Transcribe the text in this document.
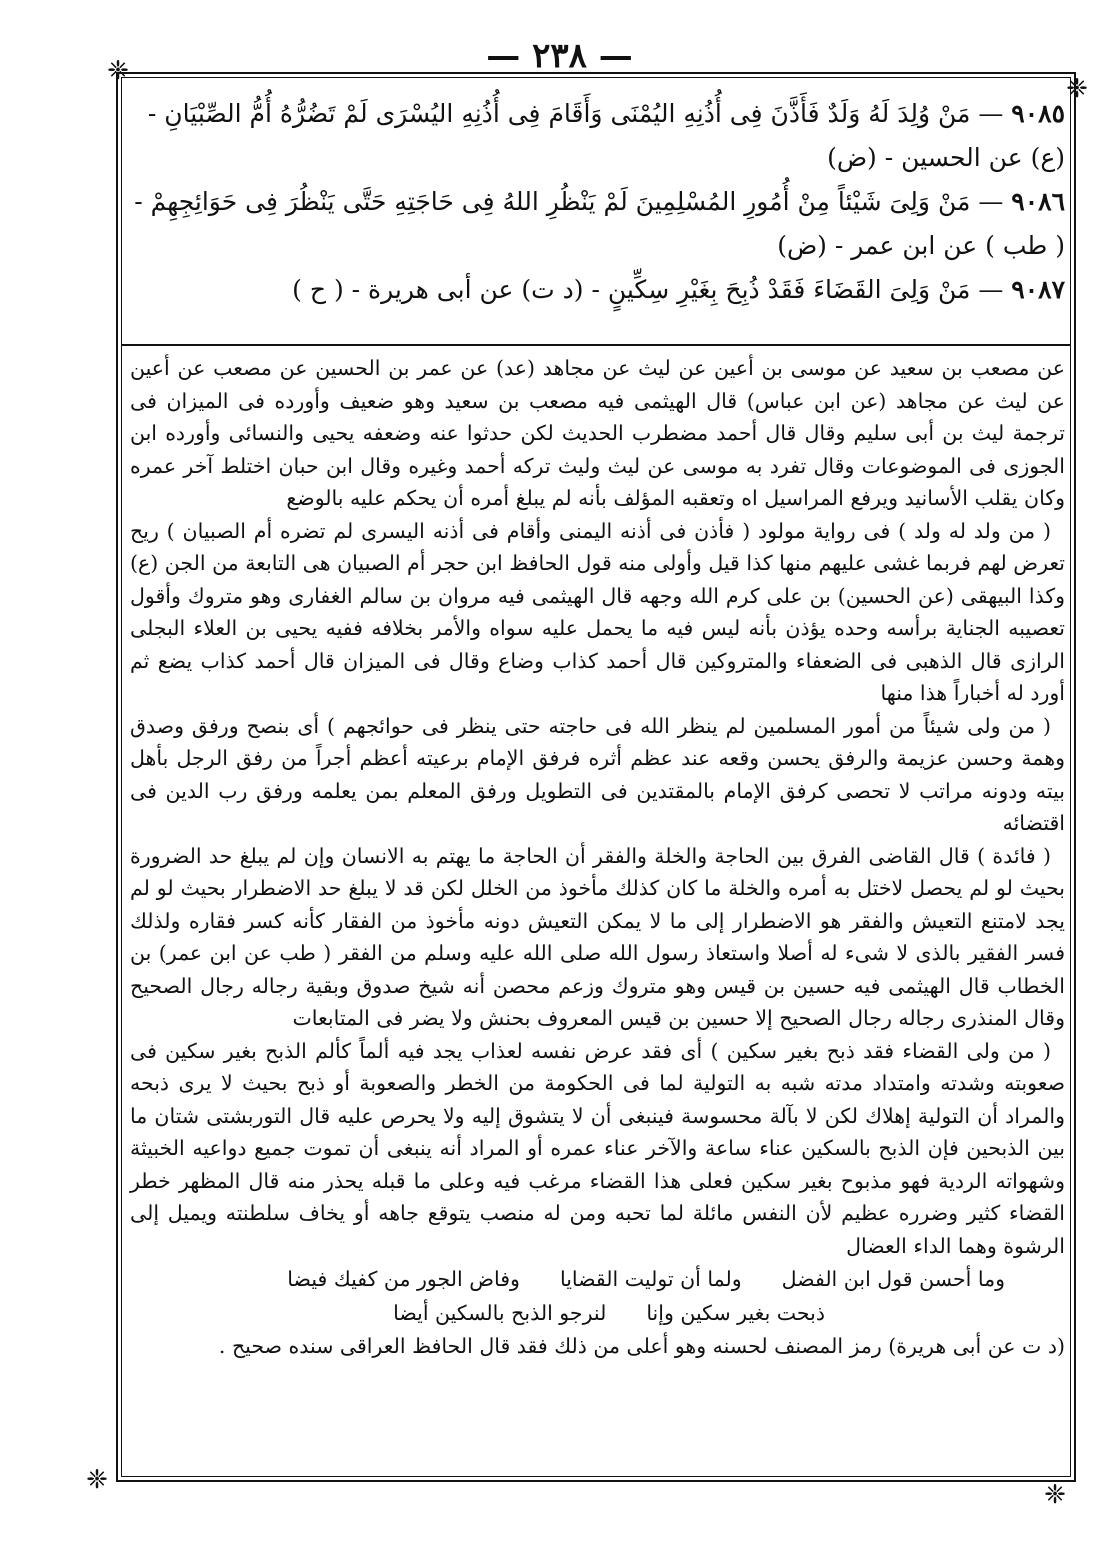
— ٢٣٨ —
❈
❈
❈	❈

٩٠٨٥ — مَنْ وُلِدَ لَهُ وَلَدٌ فَأَذَّنَ فِى أُذُنِهِ اليُمْنَى وَأَقَامَ فِى أُذُنِهِ اليُسْرَى لَمْ تَضُرُّهُ أُمُّ الصِّبْيَانِ - (ع) عن الحسين - (ض)

٩٠٨٦ — مَنْ وَلِىَ شَيْئاً مِنْ أُمُورِ المُسْلِمِينَ لَمْ يَنْظُرِ اللهُ فِى حَاجَتِهِ حَتَّى يَنْظُرَ فِى حَوَائِجِهِمْ - ( طب ) عن ابن عمر - (ض)

٩٠٨٧ — مَنْ وَلِىَ القَضَاءَ فَقَدْ ذُبِحَ بِغَيْرِ سِكِّينٍ - (د ت) عن أبى هريرة - ( ح )

عن مصعب بن سعيد عن موسى بن أعين عن ليث عن مجاهد (عد) عن عمر بن الحسين عن مصعب عن أعين عن ليث عن مجاهد (عن ابن عباس) قال الهيثمى فيه مصعب بن سعيد وهو ضعيف وأورده فى الميزان فى ترجمة ليث بن أبى سليم وقال قال أحمد مضطرب الحديث لكن حدثوا عنه وضعفه يحيى والنسائى وأورده ابن الجوزى فى الموضوعات وقال تفرد به موسى عن ليث وليث تركه أحمد وغيره وقال ابن حبان اختلط آخر عمره وكان يقلب الأسانيد ويرفع المراسيل اه وتعقبه المؤلف بأنه لم يبلغ أمره أن يحكم عليه بالوضع

( من ولد له ولد ) فى رواية مولود ( فأذن فى أذنه اليمنى وأقام فى أذنه اليسرى لم تضره أم الصبيان ) ريح تعرض لهم فربما غشى عليهم منها كذا قيل وأولى منه قول الحافظ ابن حجر أم الصبيان هى التابعة من الجن (ع) وكذا البيهقى (عن الحسين) بن على كرم الله وجهه قال الهيثمى فيه مروان بن سالم الغفارى وهو متروك وأقول تعصيبه الجناية برأسه وحده يؤذن بأنه ليس فيه ما يحمل عليه سواه والأمر بخلافه ففيه يحيى بن العلاء البجلى الرازى قال الذهبى فى الضعفاء والمتروكين قال أحمد كذاب وضاع وقال فى الميزان قال أحمد كذاب يضع ثم أورد له أخباراً هذا منها

( من ولى شيئاً من أمور المسلمين لم ينظر الله فى حاجته حتى ينظر فى حوائجهم ) أى بنصح ورفق وصدق وهمة وحسن عزيمة والرفق يحسن وقعه عند عظم أثره فرفق الإمام برعيته أعظم أجراً من رفق الرجل بأهل بيته ودونه مراتب لا تحصى كرفق الإمام بالمقتدين فى التطويل ورفق المعلم بمن يعلمه ورفق رب الدين فى اقتضائه

( فائدة ) قال القاضى الفرق بين الحاجة والخلة والفقر أن الحاجة ما يهتم به الانسان وإن لم يبلغ حد الضرورة بحيث لو لم يحصل لاختل به أمره والخلة ما كان كذلك مأخوذ من الخلل لكن قد لا يبلغ حد الاضطرار بحيث لو لم يجد لامتنع التعيش والفقر هو الاضطرار إلى ما لا يمكن التعيش دونه مأخوذ من الفقار كأنه كسر فقاره ولذلك فسر الفقير بالذى لا شىء له أصلا واستعاذ رسول الله صلى الله عليه وسلم من الفقر ( طب عن ابن عمر) بن الخطاب قال الهيثمى فيه حسين بن قيس وهو متروك وزعم محصن أنه شيخ صدوق وبقية رجاله رجال الصحيح وقال المنذرى رجاله رجال الصحيح إلا حسين بن قيس المعروف بحنش ولا يضر فى المتابعات

( من ولى القضاء فقد ذبح بغير سكين ) أى فقد عرض نفسه لعذاب يجد فيه ألماً كألم الذبح بغير سكين فى صعوبته وشدته وامتداد مدته شبه به التولية لما فى الحكومة من الخطر والصعوبة أو ذبح بحيث لا يرى ذبحه والمراد أن التولية إهلاك لكن لا بآلة محسوسة فينبغى أن لا يتشوق إليه ولا يحرص عليه قال التوربشتى شتان ما بين الذبحين فإن الذبح بالسكين عناء ساعة والآخر عناء عمره أو المراد أنه ينبغى أن تموت جميع دواعيه الخبيثة وشهواته الردية فهو مذبوح بغير سكين فعلى هذا القضاء مرغب فيه وعلى ما قبله يحذر منه قال المظهر خطر القضاء كثير وضرره عظيم لأن النفس مائلة لما تحبه ومن له منصب يتوقع جاهه أو يخاف سلطنته ويميل إلى الرشوة وهما الداء العضال

وما أحسن قول ابن الفضل
ولما أن توليت القضايا
وفاض الجور من كفيك فيضا
ذبحت بغير سكين وإنا
لنرجو الذبح بالسكين أيضا

(د ت عن أبى هريرة) رمز المصنف لحسنه وهو أعلى من ذلك فقد قال الحافظ العراقى سنده صحيح .
